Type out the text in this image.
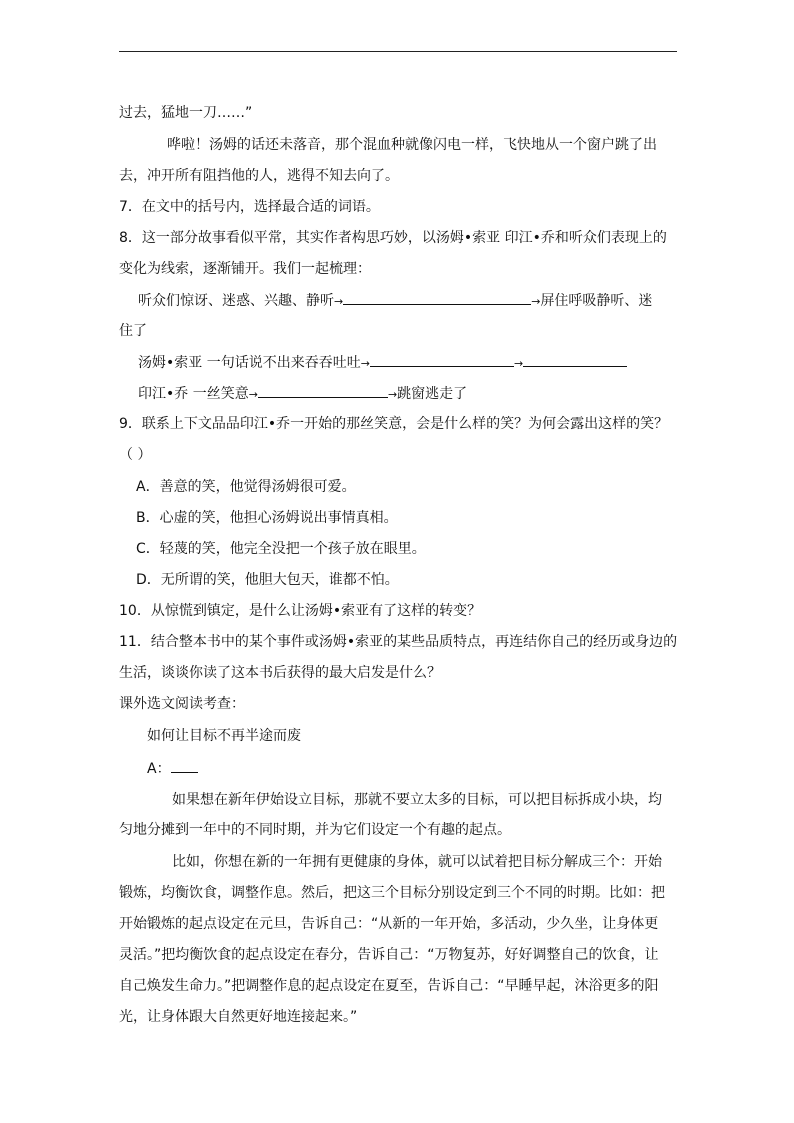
过去，猛地一刀……”
哗啦！汤姆的话还未落音，那个混血种就像闪电一样，飞快地从一个窗户跳了出
去，冲开所有阻挡他的人，逃得不知去向了。
7．在文中的括号内，选择最合适的词语。
8．这一部分故事看似平常，其实作者构思巧妙，以汤姆•索亚 印江•乔和听众们表现上的
变化为线索，逐渐铺开。我们一起梳理：
听众们惊讶、迷惑、兴趣、静听→	→屏住呼吸静听、迷
住了
汤姆•索亚 一句话说不出来吞吞吐吐→	→
印江•乔 一丝笑意→	→跳窗逃走了
9．联系上下文品品印江•乔一开始的那丝笑意，会是什么样的笑？为何会露出这样的笑？
（ ）
A．善意的笑，他觉得汤姆很可爱。
B．心虚的笑，他担心汤姆说出事情真相。
C．轻蔑的笑，他完全没把一个孩子放在眼里。
D．无所谓的笑，他胆大包天，谁都不怕。
10．从惊慌到镇定，是什么让汤姆•索亚有了这样的转变？
11．结合整本书中的某个事件或汤姆•索亚的某些品质特点，再连结你自己的经历或身边的
生活，谈谈你读了这本书后获得的最大启发是什么？
课外选文阅读考查：
如何让目标不再半途而废
A：
如果想在新年伊始设立目标，那就不要立太多的目标，可以把目标拆成小块，均
匀地分摊到一年中的不同时期，并为它们设定一个有趣的起点。
比如，你想在新的一年拥有更健康的身体，就可以试着把目标分解成三个：开始
锻炼，均衡饮食，调整作息。然后，把这三个目标分别设定到三个不同的时期。比如：把
开始锻炼的起点设定在元旦，告诉自己：“从新的一年开始，多活动，少久坐，让身体更
灵活。”把均衡饮食的起点设定在春分，告诉自己：“万物复苏，好好调整自己的饮食，让
自己焕发生命力。”把调整作息的起点设定在夏至，告诉自己：“早睡早起，沐浴更多的阳
光，让身体跟大自然更好地连接起来。”
